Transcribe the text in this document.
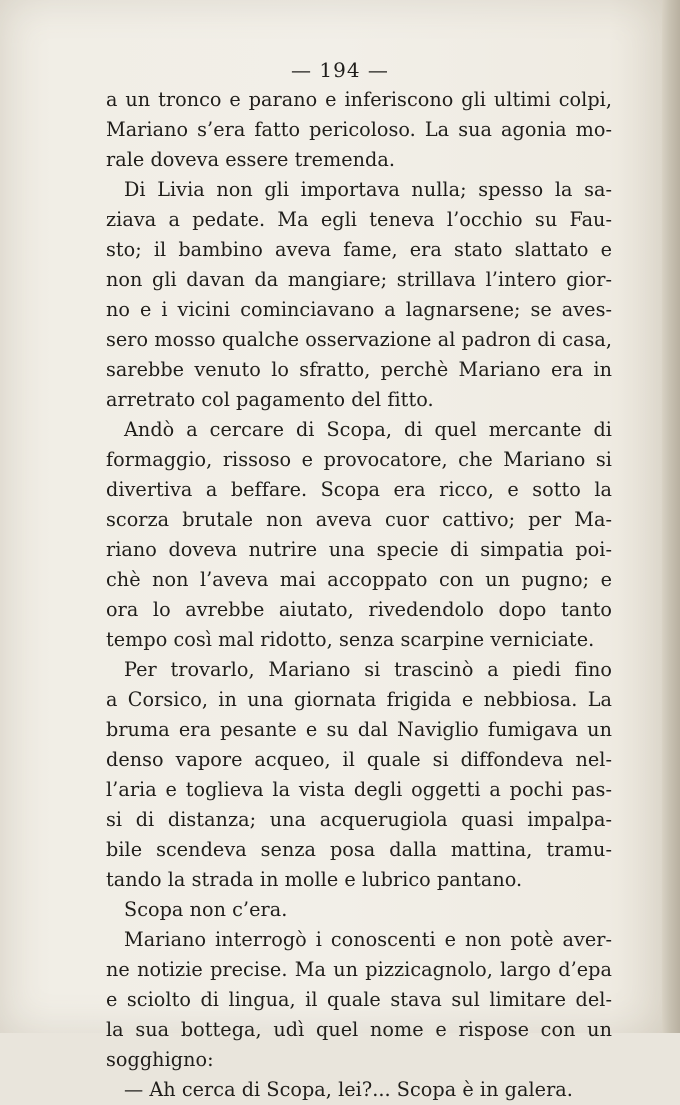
— 194 —
a un tronco e parano e inferiscono gli ultimi colpi,
Mariano s’era fatto pericoloso. La sua agonia mo-
rale doveva essere tremenda.
Di Livia non gli importava nulla; spesso la sa-
ziava a pedate. Ma egli teneva l’occhio su Fau-
sto; il bambino aveva fame, era stato slattato e
non gli davan da mangiare; strillava l’intero gior-
no e i vicini cominciavano a lagnarsene; se aves-
sero mosso qualche osservazione al padron di casa,
sarebbe venuto lo sfratto, perchè Mariano era in
arretrato col pagamento del fitto.
Andò a cercare di Scopa, di quel mercante di
formaggio, rissoso e provocatore, che Mariano si
divertiva a beffare. Scopa era ricco, e sotto la
scorza brutale non aveva cuor cattivo; per Ma-
riano doveva nutrire una specie di simpatia poi-
chè non l’aveva mai accoppato con un pugno; e
ora lo avrebbe aiutato, rivedendolo dopo tanto
tempo così mal ridotto, senza scarpine verniciate.
Per trovarlo, Mariano si trascinò a piedi fino
a Corsico, in una giornata frigida e nebbiosa. La
bruma era pesante e su dal Naviglio fumigava un
denso vapore acqueo, il quale si diffondeva nel-
l’aria e toglieva la vista degli oggetti a pochi pas-
si di distanza; una acquerugiola quasi impalpa-
bile scendeva senza posa dalla mattina, tramu-
tando la strada in molle e lubrico pantano.
Scopa non c’era.
Mariano interrogò i conoscenti e non potè aver-
ne notizie precise. Ma un pizzicagnolo, largo d’epa
e sciolto di lingua, il quale stava sul limitare del-
la sua bottega, udì quel nome e rispose con un
sogghigno:
— Ah cerca di Scopa, lei?... Scopa è in galera.
